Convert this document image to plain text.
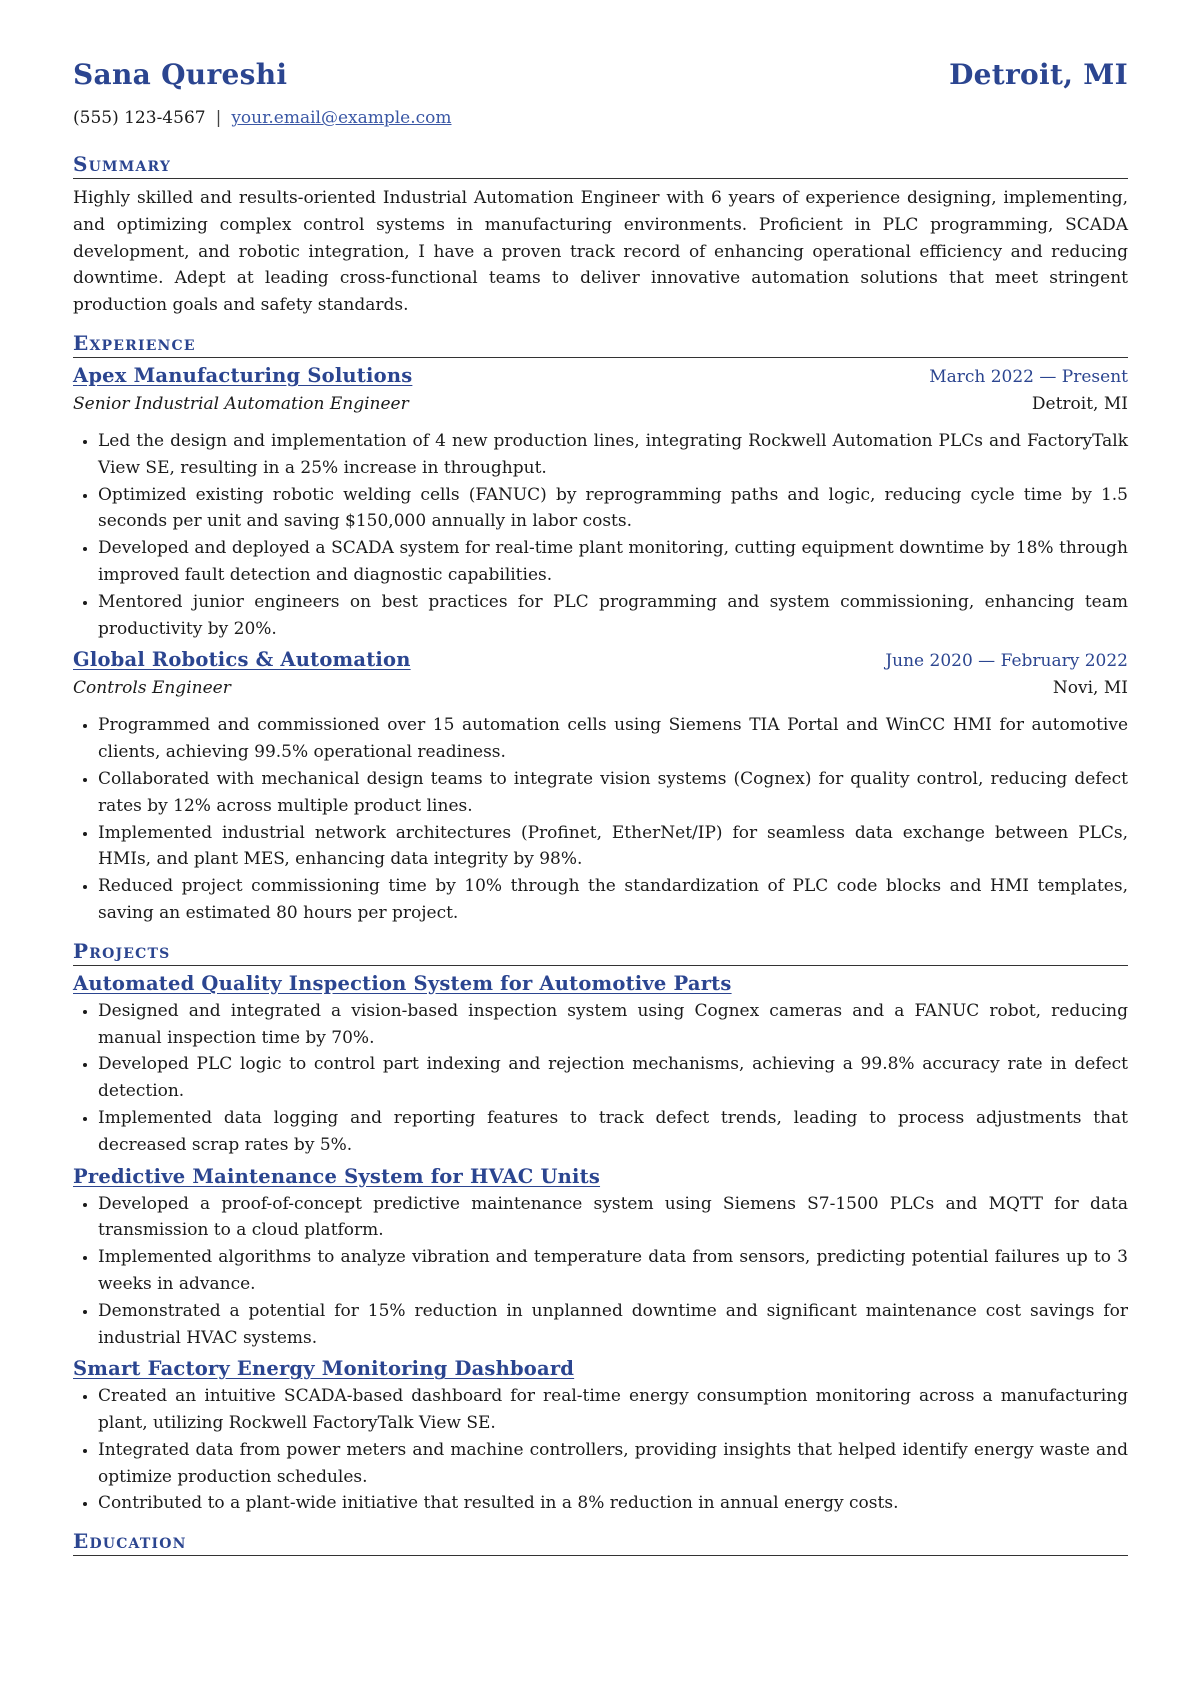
Sana Qureshi	Detroit, MI
(555) 123-4567 | your.email@example.com
Summary
Highly skilled and results-oriented Industrial Automation Engineer with 6 years of experience designing, implementing, and optimizing complex control systems in manufacturing environments. Proficient in PLC programming, SCADA development, and robotic integration, I have a proven track record of enhancing operational efficiency and reducing downtime. Adept at leading cross-functional teams to deliver innovative automation solutions that meet stringent production goals and safety standards.
Experience
Apex Manufacturing Solutions	March 2022 — Present
Senior Industrial Automation Engineer	Detroit, MI
• Led the design and implementation of 4 new production lines, integrating Rockwell Automation PLCs and FactoryTalk View SE, resulting in a 25% increase in throughput.
• Optimized existing robotic welding cells (FANUC) by reprogramming paths and logic, reducing cycle time by 1.5 seconds per unit and saving $150,000 annually in labor costs.
• Developed and deployed a SCADA system for real-time plant monitoring, cutting equipment downtime by 18% through improved fault detection and diagnostic capabilities.
• Mentored junior engineers on best practices for PLC programming and system commissioning, enhancing team productivity by 20%.
Global Robotics & Automation	June 2020 — February 2022
Controls Engineer	Novi, MI
• Programmed and commissioned over 15 automation cells using Siemens TIA Portal and WinCC HMI for automotive clients, achieving 99.5% operational readiness.
• Collaborated with mechanical design teams to integrate vision systems (Cognex) for quality control, reducing defect rates by 12% across multiple product lines.
• Implemented industrial network architectures (Profinet, EtherNet/IP) for seamless data exchange between PLCs, HMIs, and plant MES, enhancing data integrity by 98%.
• Reduced project commissioning time by 10% through the standardization of PLC code blocks and HMI templates, saving an estimated 80 hours per project.
Projects
Automated Quality Inspection System for Automotive Parts
• Designed and integrated a vision-based inspection system using Cognex cameras and a FANUC robot, reducing manual inspection time by 70%.
• Developed PLC logic to control part indexing and rejection mechanisms, achieving a 99.8% accuracy rate in defect detection.
• Implemented data logging and reporting features to track defect trends, leading to process adjustments that decreased scrap rates by 5%.
Predictive Maintenance System for HVAC Units
• Developed a proof-of-concept predictive maintenance system using Siemens S7-1500 PLCs and MQTT for data transmission to a cloud platform.
• Implemented algorithms to analyze vibration and temperature data from sensors, predicting potential failures up to 3 weeks in advance.
• Demonstrated a potential for 15% reduction in unplanned downtime and significant maintenance cost savings for industrial HVAC systems.
Smart Factory Energy Monitoring Dashboard
• Created an intuitive SCADA-based dashboard for real-time energy consumption monitoring across a manufacturing plant, utilizing Rockwell FactoryTalk View SE.
• Integrated data from power meters and machine controllers, providing insights that helped identify energy waste and optimize production schedules.
• Contributed to a plant-wide initiative that resulted in a 8% reduction in annual energy costs.
Education
